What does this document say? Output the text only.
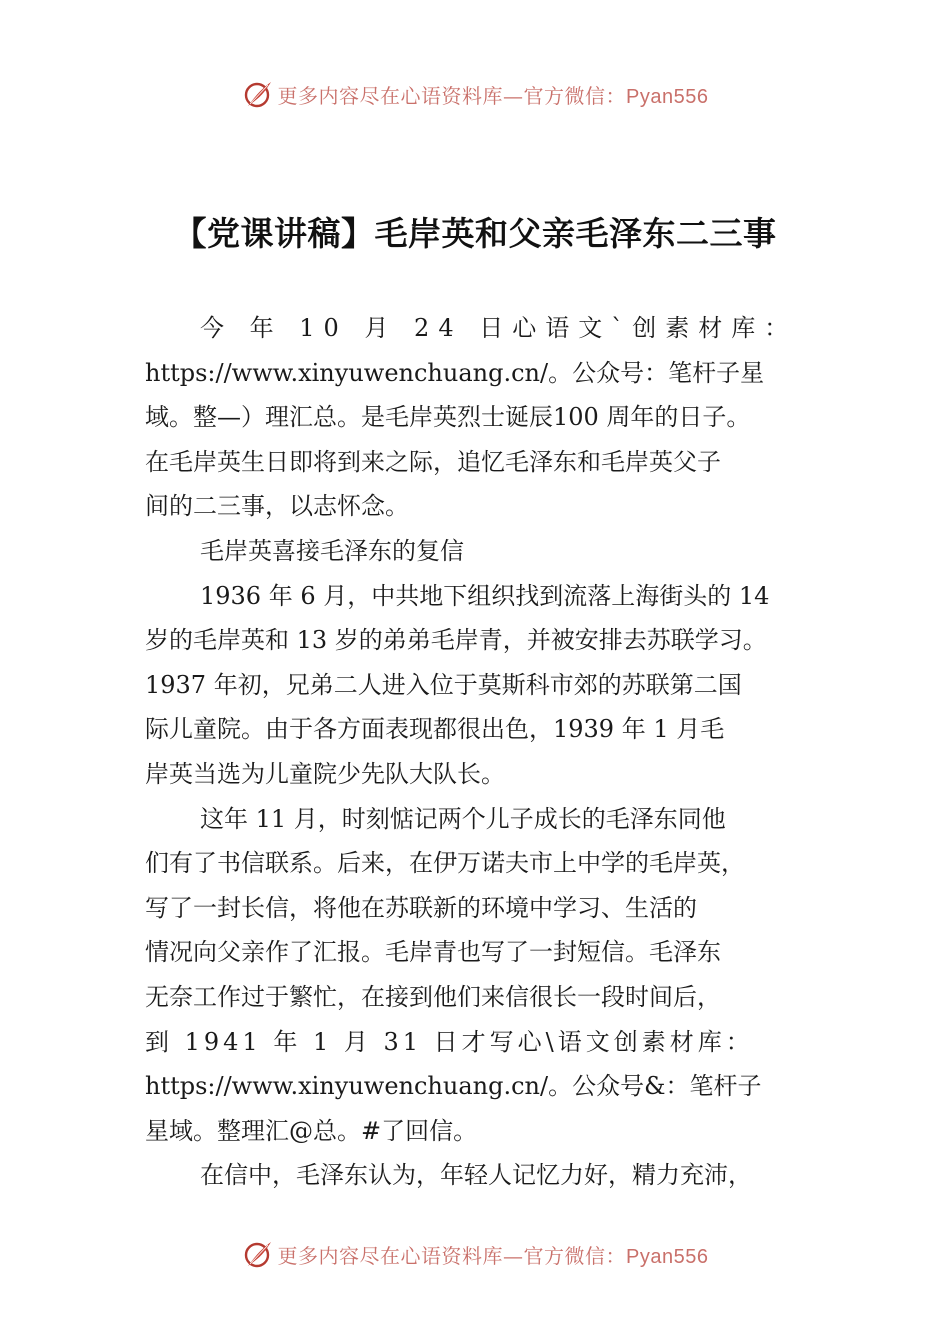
更多内容尽在心语资料库—官方微信：Pyan556
【党课讲稿】毛岸英和父亲毛泽东二三事
今 年 10 月 24 日心语文`创素材库：
https://www.xinyuwenchuang.cn/。公众号：笔杆子星
域。整—）理汇总。是毛岸英烈士诞辰100 周年的日子。
在毛岸英生日即将到来之际，追忆毛泽东和毛岸英父子
间的二三事，以志怀念。
毛岸英喜接毛泽东的复信
1936 年 6 月，中共地下组织找到流落上海街头的 14
岁的毛岸英和 13 岁的弟弟毛岸青，并被安排去苏联学习。
1937 年初，兄弟二人进入位于莫斯科市郊的苏联第二国
际儿童院。由于各方面表现都很出色，1939 年 1 月毛
岸英当选为儿童院少先队大队长。
这年 11 月，时刻惦记两个儿子成长的毛泽东同他
们有了书信联系。后来，在伊万诺夫市上中学的毛岸英，
写了一封长信，将他在苏联新的环境中学习、生活的
情况向父亲作了汇报。毛岸青也写了一封短信。毛泽东
无奈工作过于繁忙，在接到他们来信很长一段时间后，
到 1941 年 1 月 31 日才写心\语文创素材库：
https://www.xinyuwenchuang.cn/。公众号&：笔杆子
星域。整理汇@总。#了回信。
在信中，毛泽东认为，年轻人记忆力好，精力充沛，
更多内容尽在心语资料库—官方微信：Pyan556
